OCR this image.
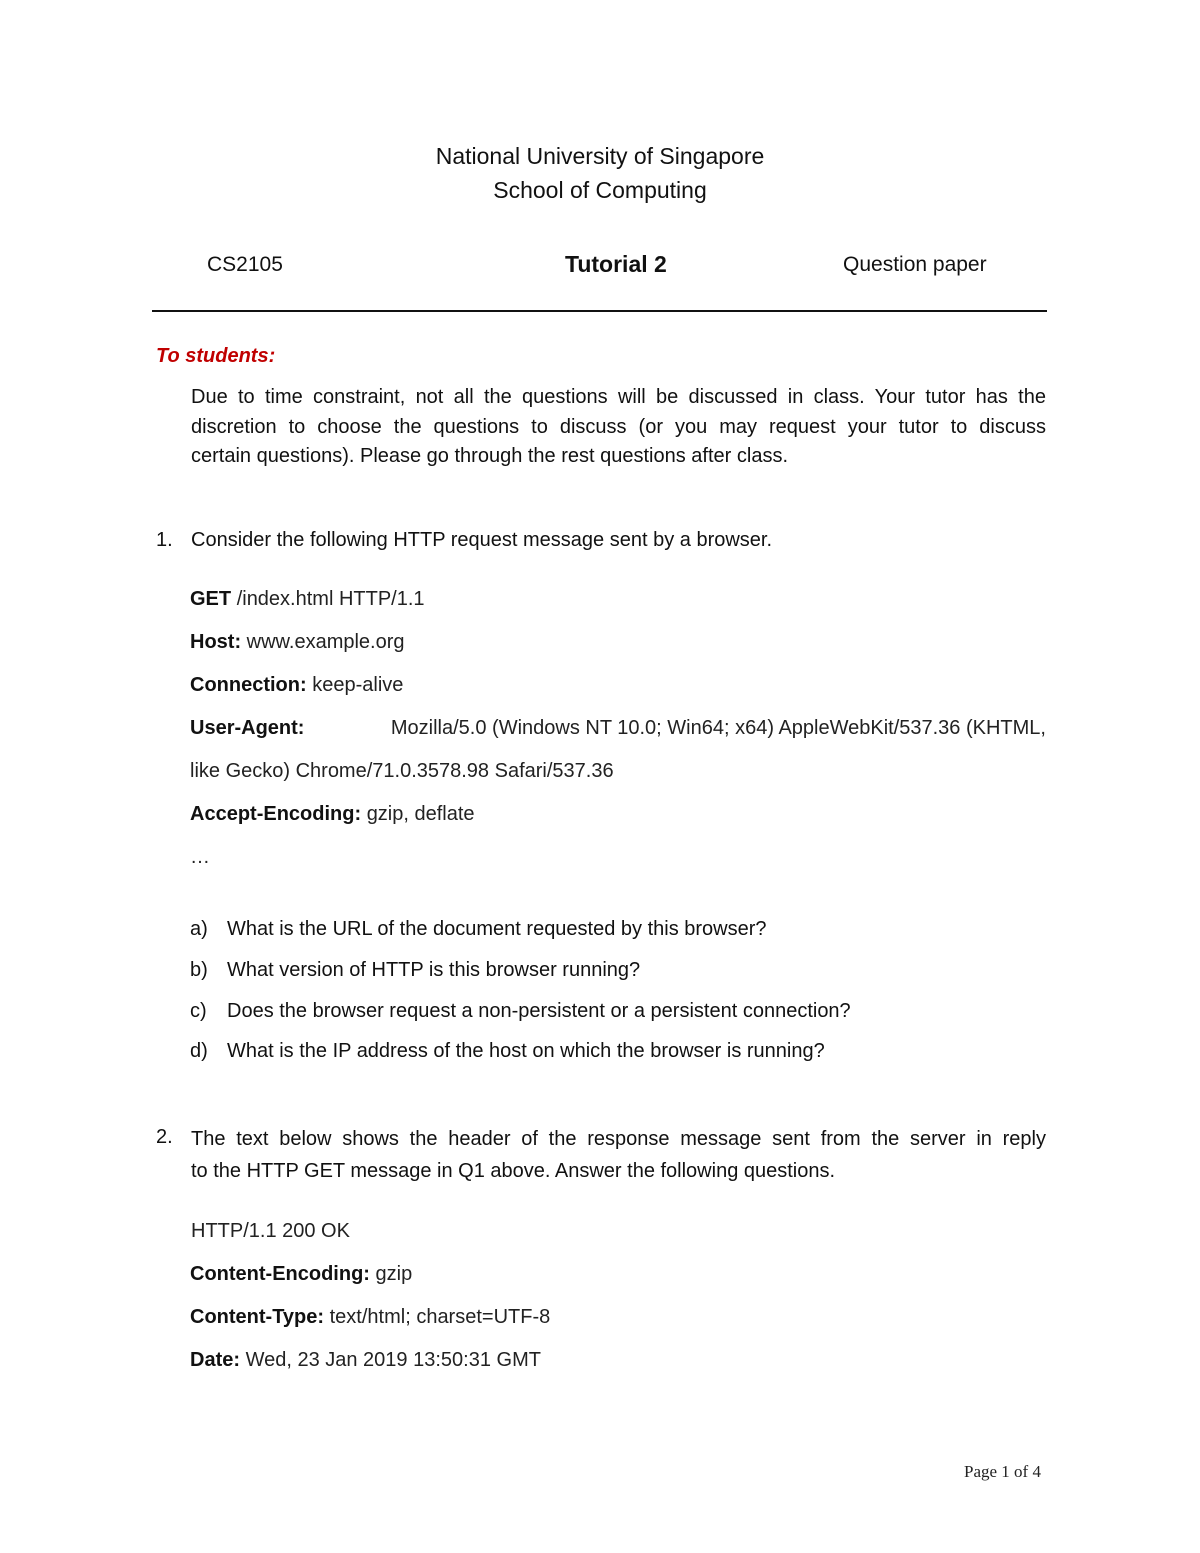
National University of Singapore
School of Computing
CS2105	Tutorial 2	Question paper
To students:
Due to time constraint, not all the questions will be discussed in class. Your tutor has the
discretion to choose the questions to discuss (or you may request your tutor to discuss
certain questions). Please go through the rest questions after class.
1. Consider the following HTTP request message sent by a browser.
GET /index.html HTTP/1.1
Host: www.example.org
Connection: keep-alive
User-Agent:	Mozilla/5.0 (Windows NT 10.0; Win64; x64) AppleWebKit/537.36 (KHTML,
like Gecko) Chrome/71.0.3578.98 Safari/537.36
Accept-Encoding: gzip, deflate
…
a) What is the URL of the document requested by this browser?
b) What version of HTTP is this browser running?
c) Does the browser request a non-persistent or a persistent connection?
d) What is the IP address of the host on which the browser is running?
2. The text below shows the header of the response message sent from the server in reply
to the HTTP GET message in Q1 above. Answer the following questions.
HTTP/1.1 200 OK
Content-Encoding: gzip
Content-Type: text/html; charset=UTF-8
Date: Wed, 23 Jan 2019 13:50:31 GMT
Page 1 of 4
